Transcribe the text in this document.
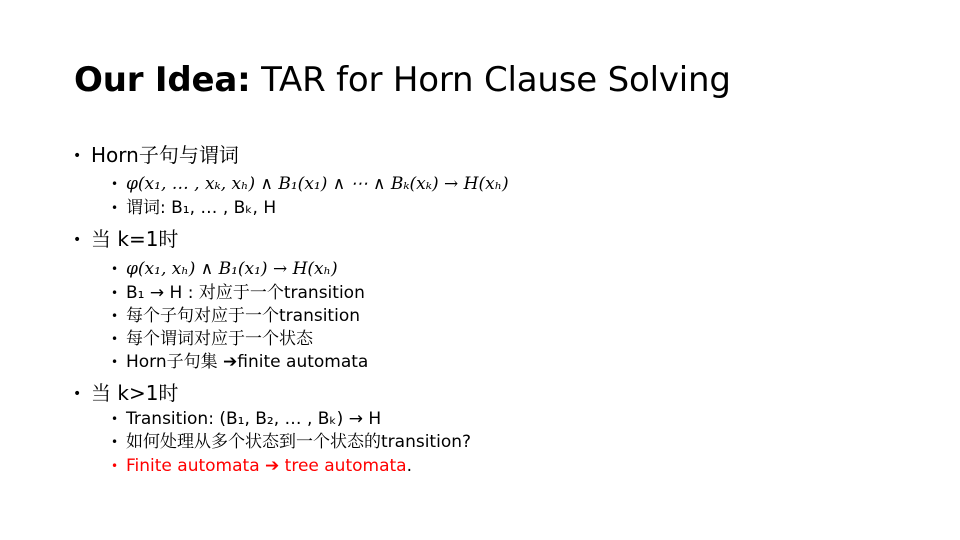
Our Idea: TAR for Horn Clause Solving
• Horn子句与谓词
• φ(x₁, … , xₖ, xₕ) ∧ B₁(x₁) ∧ ⋯ ∧ Bₖ(xₖ) → H(xₕ)
• 谓词: B₁, … , Bₖ, H
• 当 k=1时
• φ(x₁, xₕ) ∧ B₁(x₁) → H(xₕ)
• B₁ → H : 对应于一个transition
• 每个子句对应于一个transition
• 每个谓词对应于一个状态
• Horn子句集 ➔finite automata
• 当 k>1时
• Transition: (B₁, B₂, … , Bₖ) → H
• 如何处理从多个状态到一个状态的transition?
• Finite automata ➔ tree automata.
